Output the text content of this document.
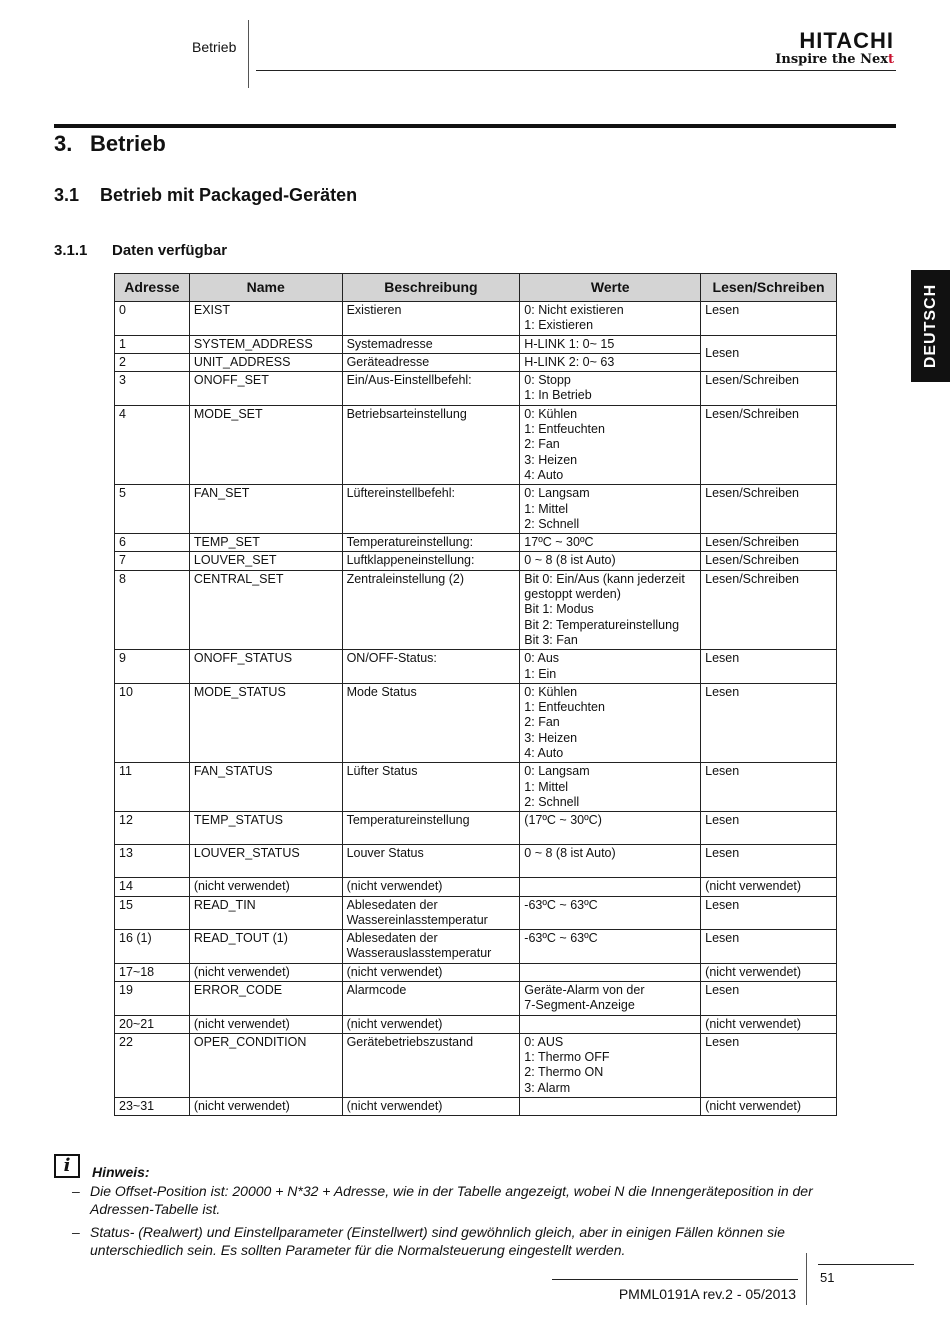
Betrieb	HITACHI
Inspire the Next
3. Betrieb
3.1 Betrieb mit Packaged-Geräten
3.1.1 Daten verfügbar
DEUTSCH
Adresse	Name	Beschreibung	Werte	Lesen/Schreiben

0	EXIST	Existieren	0: Nicht existieren
1: Existieren	Lesen

1	SYSTEM_ADDRESS	Systemadresse	H-LINK 1: 0~ 15	Lesen

2	UNIT_ADDRESS	Geräteadresse	H-LINK 2: 0~ 63	

3	ONOFF_SET	Ein/Aus-Einstellbefehl:	0: Stopp
1: In Betrieb	Lesen/Schreiben

4	MODE_SET	Betriebsarteinstellung	0: Kühlen
1: Entfeuchten
2: Fan
3: Heizen
4: Auto	Lesen/Schreiben

5	FAN_SET	Lüftereinstellbefehl:	0: Langsam
1: Mittel
2: Schnell	Lesen/Schreiben

6	TEMP_SET	Temperatureinstellung:	17ºC ~ 30ºC	Lesen/Schreiben

7	LOUVER_SET	Luftklappeneinstellung:	0 ~ 8 (8 ist Auto)	Lesen/Schreiben

8	CENTRAL_SET	Zentraleinstellung (2)	Bit 0: Ein/Aus (kann jederzeit
gestoppt werden)
Bit 1: Modus
Bit 2: Temperatureinstellung
Bit 3: Fan	Lesen/Schreiben

9	ONOFF_STATUS	ON/OFF-Status:	0: Aus
1: Ein	Lesen

10	MODE_STATUS	Mode Status	0: Kühlen
1: Entfeuchten
2: Fan
3: Heizen
4: Auto	Lesen

11	FAN_STATUS	Lüfter Status	0: Langsam
1: Mittel
2: Schnell	Lesen

12	TEMP_STATUS	Temperatureinstellung	(17ºC ~ 30ºC)	Lesen

13	LOUVER_STATUS	Louver Status	0 ~ 8 (8 ist Auto)	Lesen

14	(nicht verwendet)	(nicht verwendet)		(nicht verwendet)

15	READ_TIN	Ablesedaten der
Wassereinlasstemperatur	-63ºC ~ 63ºC	Lesen

16 (1)	READ_TOUT (1)	Ablesedaten der
Wasserauslasstemperatur	-63ºC ~ 63ºC	Lesen

17~18	(nicht verwendet)	(nicht verwendet)		(nicht verwendet)

19	ERROR_CODE	Alarmcode	Geräte-Alarm von der
7-Segment-Anzeige	Lesen

20~21	(nicht verwendet)	(nicht verwendet)		(nicht verwendet)

22	OPER_CONDITION	Gerätebetriebszustand	0: AUS
1: Thermo OFF
2: Thermo ON
3: Alarm	Lesen

23~31	(nicht verwendet)	(nicht verwendet)		(nicht verwendet)
i	Hinweis:
– Die Offset-Position ist: 20000 + N*32 + Adresse, wie in der Tabelle angezeigt, wobei N die Innengeräteposition in der Adressen-Tabelle ist.
– Status- (Realwert) und Einstellparameter (Einstellwert) sind gewöhnlich gleich, aber in einigen Fällen können sie unterschiedlich sein. Es sollten Parameter für die Normalsteuerung eingestellt werden.
PMML0191A rev.2 - 05/2013
51
